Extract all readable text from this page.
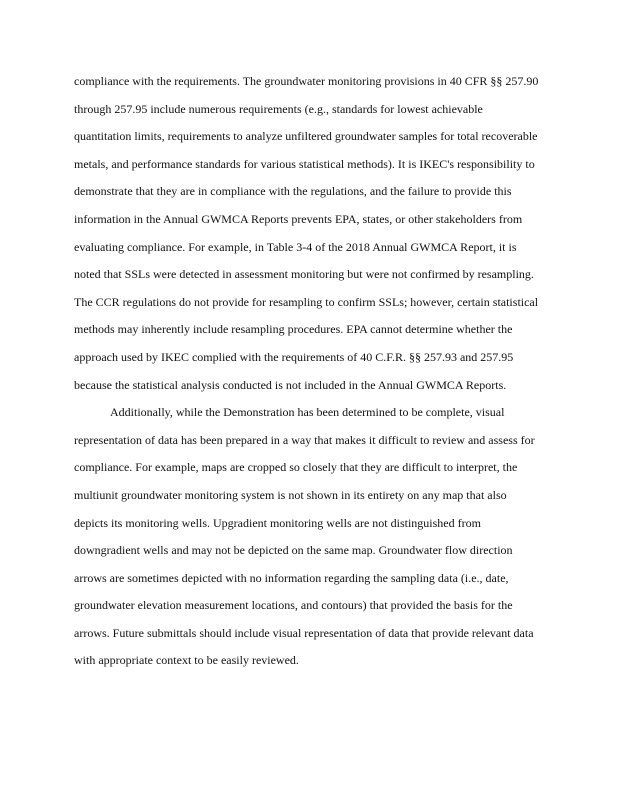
compliance with the requirements. The groundwater monitoring provisions in 40 CFR §§ 257.90
through 257.95 include numerous requirements (e.g., standards for lowest achievable
quantitation limits, requirements to analyze unfiltered groundwater samples for total recoverable
metals, and performance standards for various statistical methods). It is IKEC's responsibility to
demonstrate that they are in compliance with the regulations, and the failure to provide this
information in the Annual GWMCA Reports prevents EPA, states, or other stakeholders from
evaluating compliance. For example, in Table 3-4 of the 2018 Annual GWMCA Report, it is
noted that SSLs were detected in assessment monitoring but were not confirmed by resampling.
The CCR regulations do not provide for resampling to confirm SSLs; however, certain statistical
methods may inherently include resampling procedures. EPA cannot determine whether the
approach used by IKEC complied with the requirements of 40 C.F.R. §§ 257.93 and 257.95
because the statistical analysis conducted is not included in the Annual GWMCA Reports.

Additionally, while the Demonstration has been determined to be complete, visual
representation of data has been prepared in a way that makes it difficult to review and assess for
compliance. For example, maps are cropped so closely that they are difficult to interpret, the
multiunit groundwater monitoring system is not shown in its entirety on any map that also
depicts its monitoring wells. Upgradient monitoring wells are not distinguished from
downgradient wells and may not be depicted on the same map. Groundwater flow direction
arrows are sometimes depicted with no information regarding the sampling data (i.e., date,
groundwater elevation measurement locations, and contours) that provided the basis for the
arrows. Future submittals should include visual representation of data that provide relevant data
with appropriate context to be easily reviewed.
